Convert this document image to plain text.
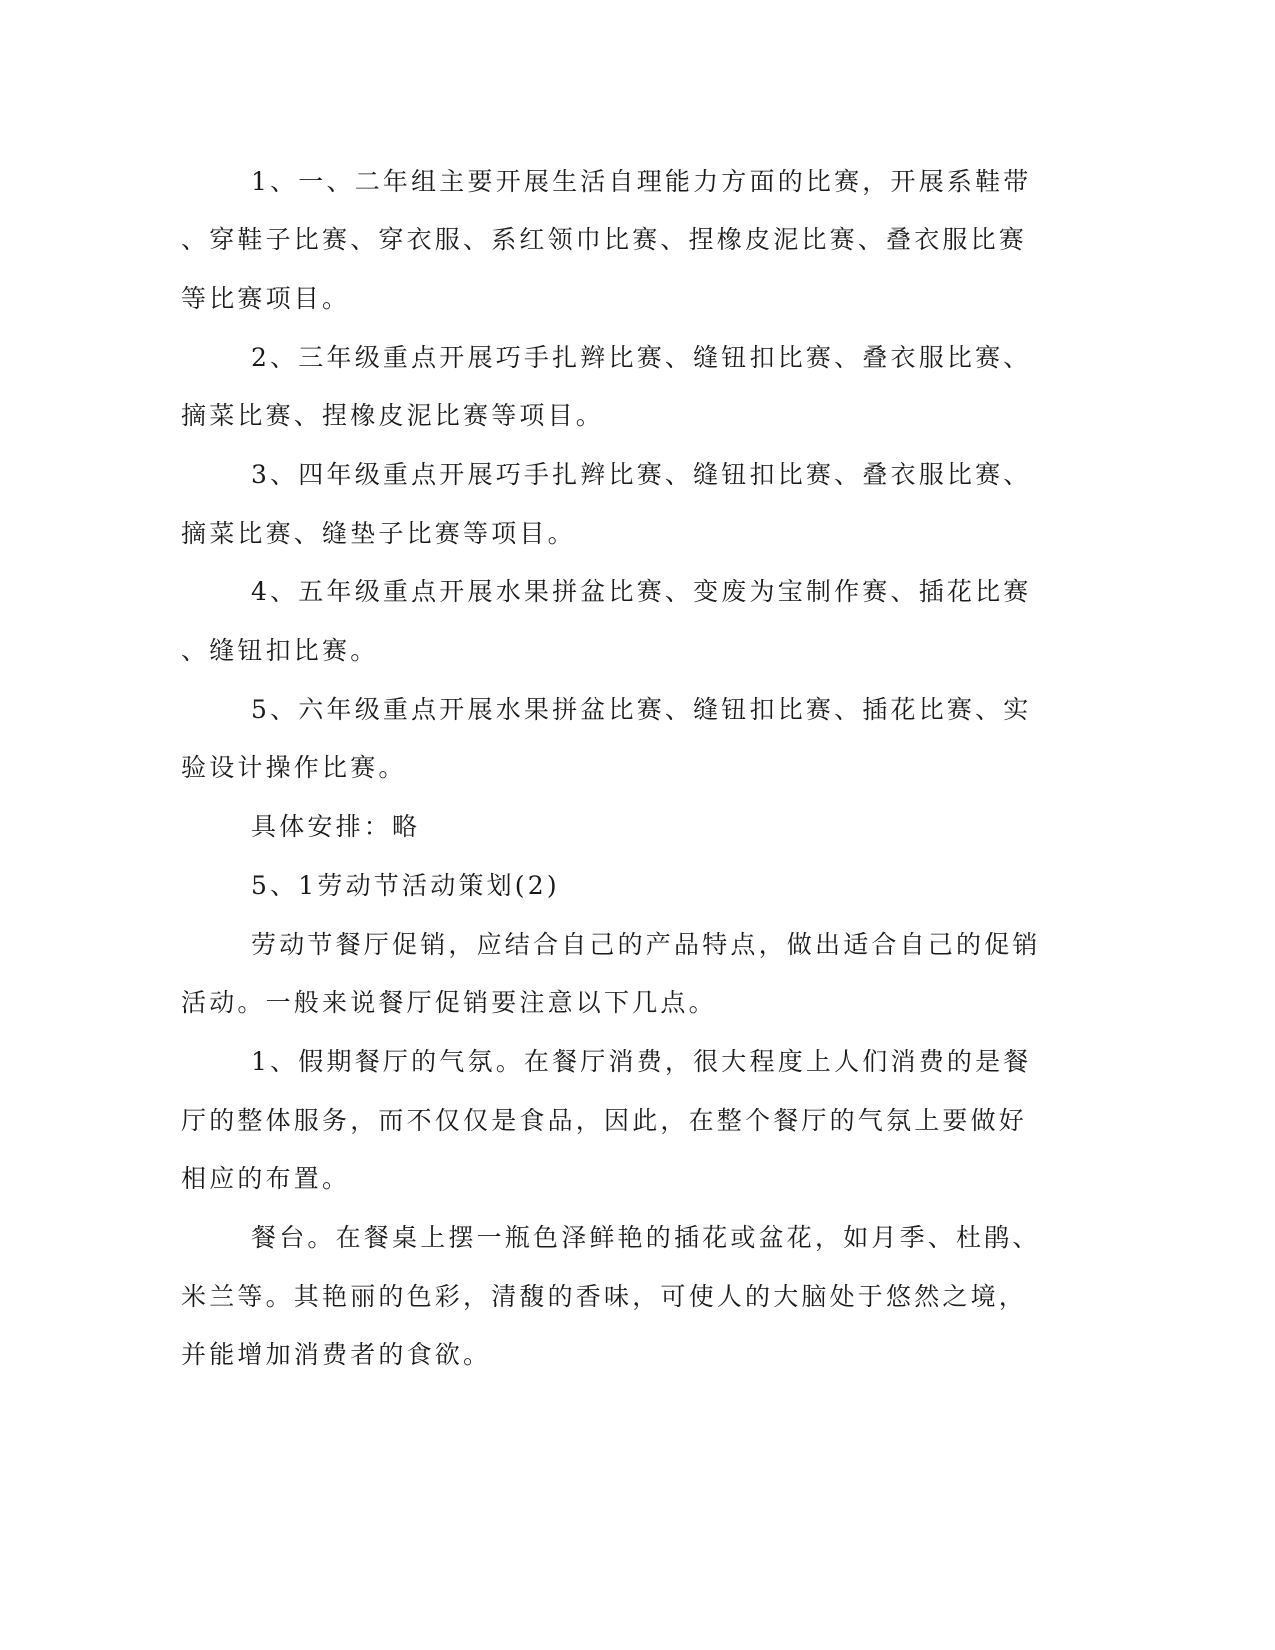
1、一、二年组主要开展生活自理能力方面的比赛，开展系鞋带
、穿鞋子比赛、穿衣服、系红领巾比赛、捏橡皮泥比赛、叠衣服比赛
等比赛项目。
2、三年级重点开展巧手扎辫比赛、缝钮扣比赛、叠衣服比赛、
摘菜比赛、捏橡皮泥比赛等项目。
3、四年级重点开展巧手扎辫比赛、缝钮扣比赛、叠衣服比赛、
摘菜比赛、缝垫子比赛等项目。
4、五年级重点开展水果拼盆比赛、变废为宝制作赛、插花比赛
、缝钮扣比赛。
5、六年级重点开展水果拼盆比赛、缝钮扣比赛、插花比赛、实
验设计操作比赛。
具体安排：略
5、1劳动节活动策划(2)
劳动节餐厅促销，应结合自己的产品特点，做出适合自己的促销
活动。一般来说餐厅促销要注意以下几点。
1、假期餐厅的气氛。在餐厅消费，很大程度上人们消费的是餐
厅的整体服务，而不仅仅是食品，因此，在整个餐厅的气氛上要做好
相应的布置。
餐台。在餐桌上摆一瓶色泽鲜艳的插花或盆花，如月季、杜鹃、
米兰等。其艳丽的色彩，清馥的香味，可使人的大脑处于悠然之境，
并能增加消费者的食欲。
